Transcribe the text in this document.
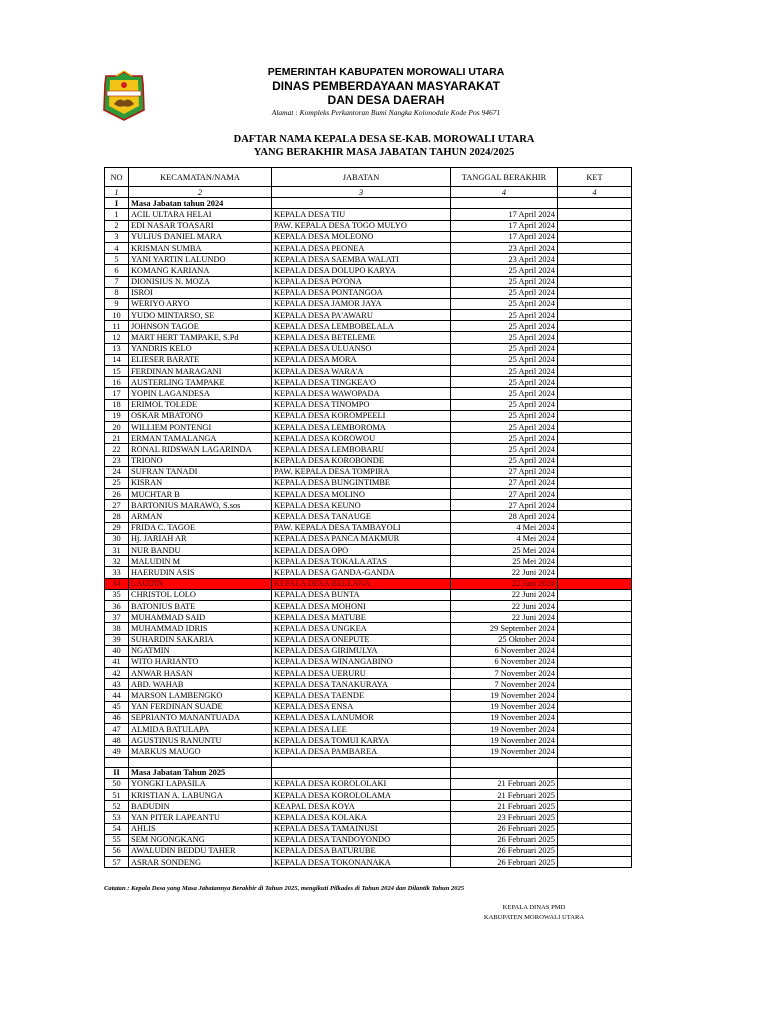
PEMERINTAH KABUPATEN MOROWALI UTARA
DINAS PEMBERDAYAAN MASYARAKAT
DAN DESA DAERAH
Alamat : Kompleks Perkantoran Bumi Nangka Kolonodale Kode Pos 94671
DAFTAR NAMA KEPALA DESA SE-KAB. MOROWALI UTARA
YANG BERAKHIR MASA JABATAN TAHUN 2024/2025
NO	KECAMATAN/NAMA	JABATAN	TANGGAL BERAKHIR	KET
1	2	3	4	4
I	Masa Jabatan tahun 2024			
1	ACIL ULTARA HELAI	KEPALA DESA TIU	17 April 2024	
2	EDI NASAR TOASARI	PAW. KEPALA DESA TOGO MULYO	17 April 2024	
3	YULIUS DANIEL MARA	KEPALA DESA MOLEONO	17 April 2024	
4	KRISMAN SUMBA	KEPALA DESA PEONEA	23 April 2024	
5	YANI YARTIN LALUNDO	KEPALA DESA SAEMBA WALATI	23 April 2024	
6	KOMANG KARIANA	KEPALA DESA DOLUPO KARYA	25 April 2024	
7	DIONISIUS N. MOZA	KEPALA DESA PO'ONA	25 April 2024	
8	ISROI	KEPALA DESA PONTANGOA	25 April 2024	
9	WERIYO ARYO	KEPALA DESA JAMOR JAYA	25 April 2024	
10	YUDO MINTARSO, SE	KEPALA DESA PA'AWARU	25 April 2024	
11	JOHNSON TAGOE	KEPALA DESA LEMBOBELALA	25 April 2024	
12	MART HERT TAMPAKE, S.Pd	KEPALA DESA BETELEME	25 April 2024	
13	YANDRIS KELO	KEPALA DESA ULUANSO	25 April 2024	
14	ELIESER BARATE	KEPALA DESA MORA	25 April 2024	
15	FERDINAN MARAGANI	KEPALA DESA WARA'A	25 April 2024	
16	AUSTERLING TAMPAKE	KEPALA DESA TINGKEA'O	25 April 2024	
17	YOPIN LAGANDESA	KEPALA DESA WAWOPADA	25 April 2024	
18	ERIMOL TOLEDE	KEPALA DESA TINOMPO	25 April 2024	
19	OSKAR MBATONO	KEPALA DESA KOROMPEELI	25 April 2024	
20	WILLIEM PONTENGI	KEPALA DESA LEMBOROMA	25 April 2024	
21	ERMAN TAMALANGA	KEPALA DESA KOROWOU	25 April 2024	
22	RONAL RIDSWAN LAGARINDA	KEPALA DESA LEMBOBARU	25 April 2024	
23	TRIONO	KEPALA DESA KOROBONDE	25 April 2024	
24	SUFRAN TANADI	PAW. KEPALA DESA TOMPIRA	27 April 2024	
25	KISRAN	KEPALA DESA BUNGINTIMBE	27 April 2024	
26	MUCHTAR B	KEPALA DESA MOLINO	27 April 2024	
27	BARTONIUS MARAWO, S.sos	KEPALA DESA KEUNO	27 April 2024	
28	ARMAN	KEPALA DESA TANAUGE	28 April 2024	
29	FRIDA C. TAGOE	PAW. KEPALA DESA TAMBAYOLI	4 Mei 2024	
30	Hj. JARIAH AR	KEPALA DESA PANCA MAKMUR	4 Mei 2024	
31	NUR BANDU	KEPALA DESA OPO	25 Mei 2024	
32	MALUDIN M	KEPALA DESA TOKALA ATAS	25 Mei 2024	
33	HAERUDIN ASIS	KEPALA DESA GANDA-GANDA	22 Juni 2024	
34	LAUDIN	KEPALA DESA BELLANA	22 Juni 2024	
35	CHRISTOL LOLO	KEPALA DESA BUNTA	22 Juni 2024	
36	BATONIUS BATE	KEPALA DESA MOHONI	22 Juni 2024	
37	MUHAMMAD SAID	KEPALA DESA MATUBE	22 Juni 2024	
38	MUHAMMAD IDRIS	KEPALA DESA UNGKEA	29 September 2024	
39	SUHARDIN SAKARIA	KEPALA DESA ONEPUTE	25 Oktober 2024	
40	NGATMIN	KEPALA DESA GIRIMULYA	6 November 2024	
41	WITO HARIANTO	KEPALA DESA WINANGABINO	6 November 2024	
42	ANWAR HASAN	KEPALA DESA UERURU	7 November 2024	
43	ABD. WAHAB	KEPALA DESA TANAKURAYA	7 November 2024	
44	MARSON LAMBENGKO	KEPALA DESA TAENDE	19 November 2024	
45	YAN FERDINAN SUADE	KEPALA DESA ENSA	19 November 2024	
46	SEPRIANTO MANANTUADA	KEPALA DESA LANUMOR	19 November 2024	
47	ALMIDA BATULAPA	KEPALA DESA LEE	19 November 2024	
48	AGUSTINUS RANUNTU	KEPALA DESA TOMUI KARYA	19 November 2024	
49	MARKUS MAUGO	KEPALA DESA PAMBAREA	19 November 2024	

II	Masa Jabatan Tahun 2025			
50	YONGKI LAPASILA	KEPALA DESA KOROLOLAKI	21 Februari 2025	
51	KRISTIAN A. LABUNGA	KEPALA DESA KOROLOLAMA	21 Februari 2025	
52	BADUDIN	KEAPAL DESA KOYA	21 Februari 2025	
53	YAN PITER LAPEANTU	KEPALA DESA KOLAKA	23 Februari 2025	
54	AHLIS	KEPALA DESA TAMAINUSI	26 Februari 2025	
55	SEM NGONGKANG	KEPALA DESA TANDOYONDO	26 Februari 2025	
56	AWALUDIN BEDDU TAHER	KEPALA DESA BATURUBE	26 Februari 2025	
57	ASRAR SONDENG	KEPALA DESA TOKONANAKA	26 Februari 2025	
Catatan : Kepala Desa yang Masa Jabatannya Berakhir di Tahun 2025, mengikuti Pilkades di Tahun 2024 dan Dilantik Tahun 2025
KEPALA DINAS PMD
KABUPATEN MOROWALI UTARA
